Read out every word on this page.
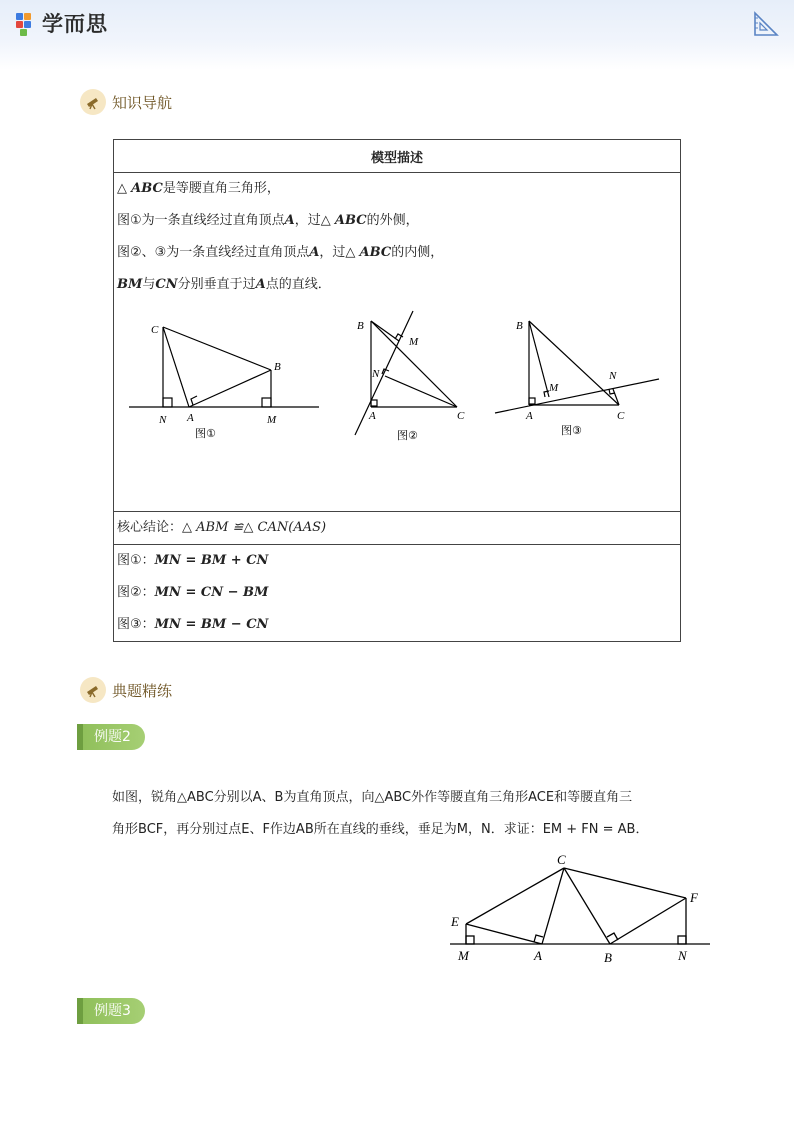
学而思
知识导航
模型描述

△ ABC是等腰直角三角形，
图①为一条直线经过直角顶点A，过△ ABC的外侧，
图②、③为一条直线经过直角顶点A，过△ ABC的内侧，
BM与CN分别垂直于过A点的直线．
C
B
N A	M
图①
B
M
N
A	C
图②
B
N
M
A	C
图③

核心结论：△ ABM ≌△ CAN(AAS)

图①：MN = BM + CN
图②：MN = CN − BM
图③：MN = BM − CN
典题精练
例题2
如图，锐角△ABC分别以A、B为直角顶点，向△ABC外作等腰直角三角形ACE和等腰直角三
角形BCF，再分别过点E、F作边AB所在直线的垂线，垂足为M，N．求证：EM + FN = AB．
C
E
F
M	A	B	N
例题3
